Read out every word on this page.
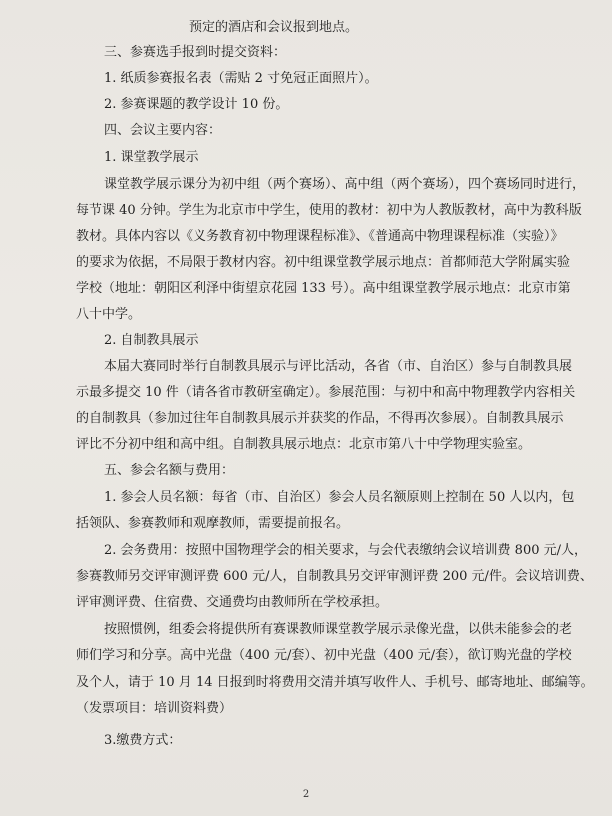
预定的酒店和会议报到地点。
三、参赛选手报到时提交资料：
1. 纸质参赛报名表（需贴 2 寸免冠正面照片）。
2. 参赛课题的教学设计 10 份。
四、会议主要内容：
1. 课堂教学展示
课堂教学展示课分为初中组（两个赛场）、高中组（两个赛场），四个赛场同时进行，
每节课 40 分钟。学生为北京市中学生，使用的教材：初中为人教版教材，高中为教科版
教材。具体内容以《义务教育初中物理课程标准》、《普通高中物理课程标准（实验）》
的要求为依据，不局限于教材内容。初中组课堂教学展示地点：首都师范大学附属实验
学校（地址：朝阳区利泽中街望京花园 133 号）。高中组课堂教学展示地点：北京市第
八十中学。
2. 自制教具展示
本届大赛同时举行自制教具展示与评比活动，各省（市、自治区）参与自制教具展
示最多提交 10 件（请各省市教研室确定）。参展范围：与初中和高中物理教学内容相关
的自制教具（参加过往年自制教具展示并获奖的作品，不得再次参展）。自制教具展示
评比不分初中组和高中组。自制教具展示地点：北京市第八十中学物理实验室。
五、参会名额与费用：
1. 参会人员名额：每省（市、自治区）参会人员名额原则上控制在 50 人以内，包
括领队、参赛教师和观摩教师，需要提前报名。
2. 会务费用：按照中国物理学会的相关要求，与会代表缴纳会议培训费 800 元/人，
参赛教师另交评审测评费 600 元/人，自制教具另交评审测评费 200 元/件。会议培训费、
评审测评费、住宿费、交通费均由教师所在学校承担。
按照惯例，组委会将提供所有赛课教师课堂教学展示录像光盘，以供未能参会的老
师们学习和分享。高中光盘（400 元/套）、初中光盘（400 元/套），欲订购光盘的学校
及个人，请于 10 月 14 日报到时将费用交清并填写收件人、手机号、邮寄地址、邮编等。
（发票项目：培训资料费）
3.缴费方式：
2
